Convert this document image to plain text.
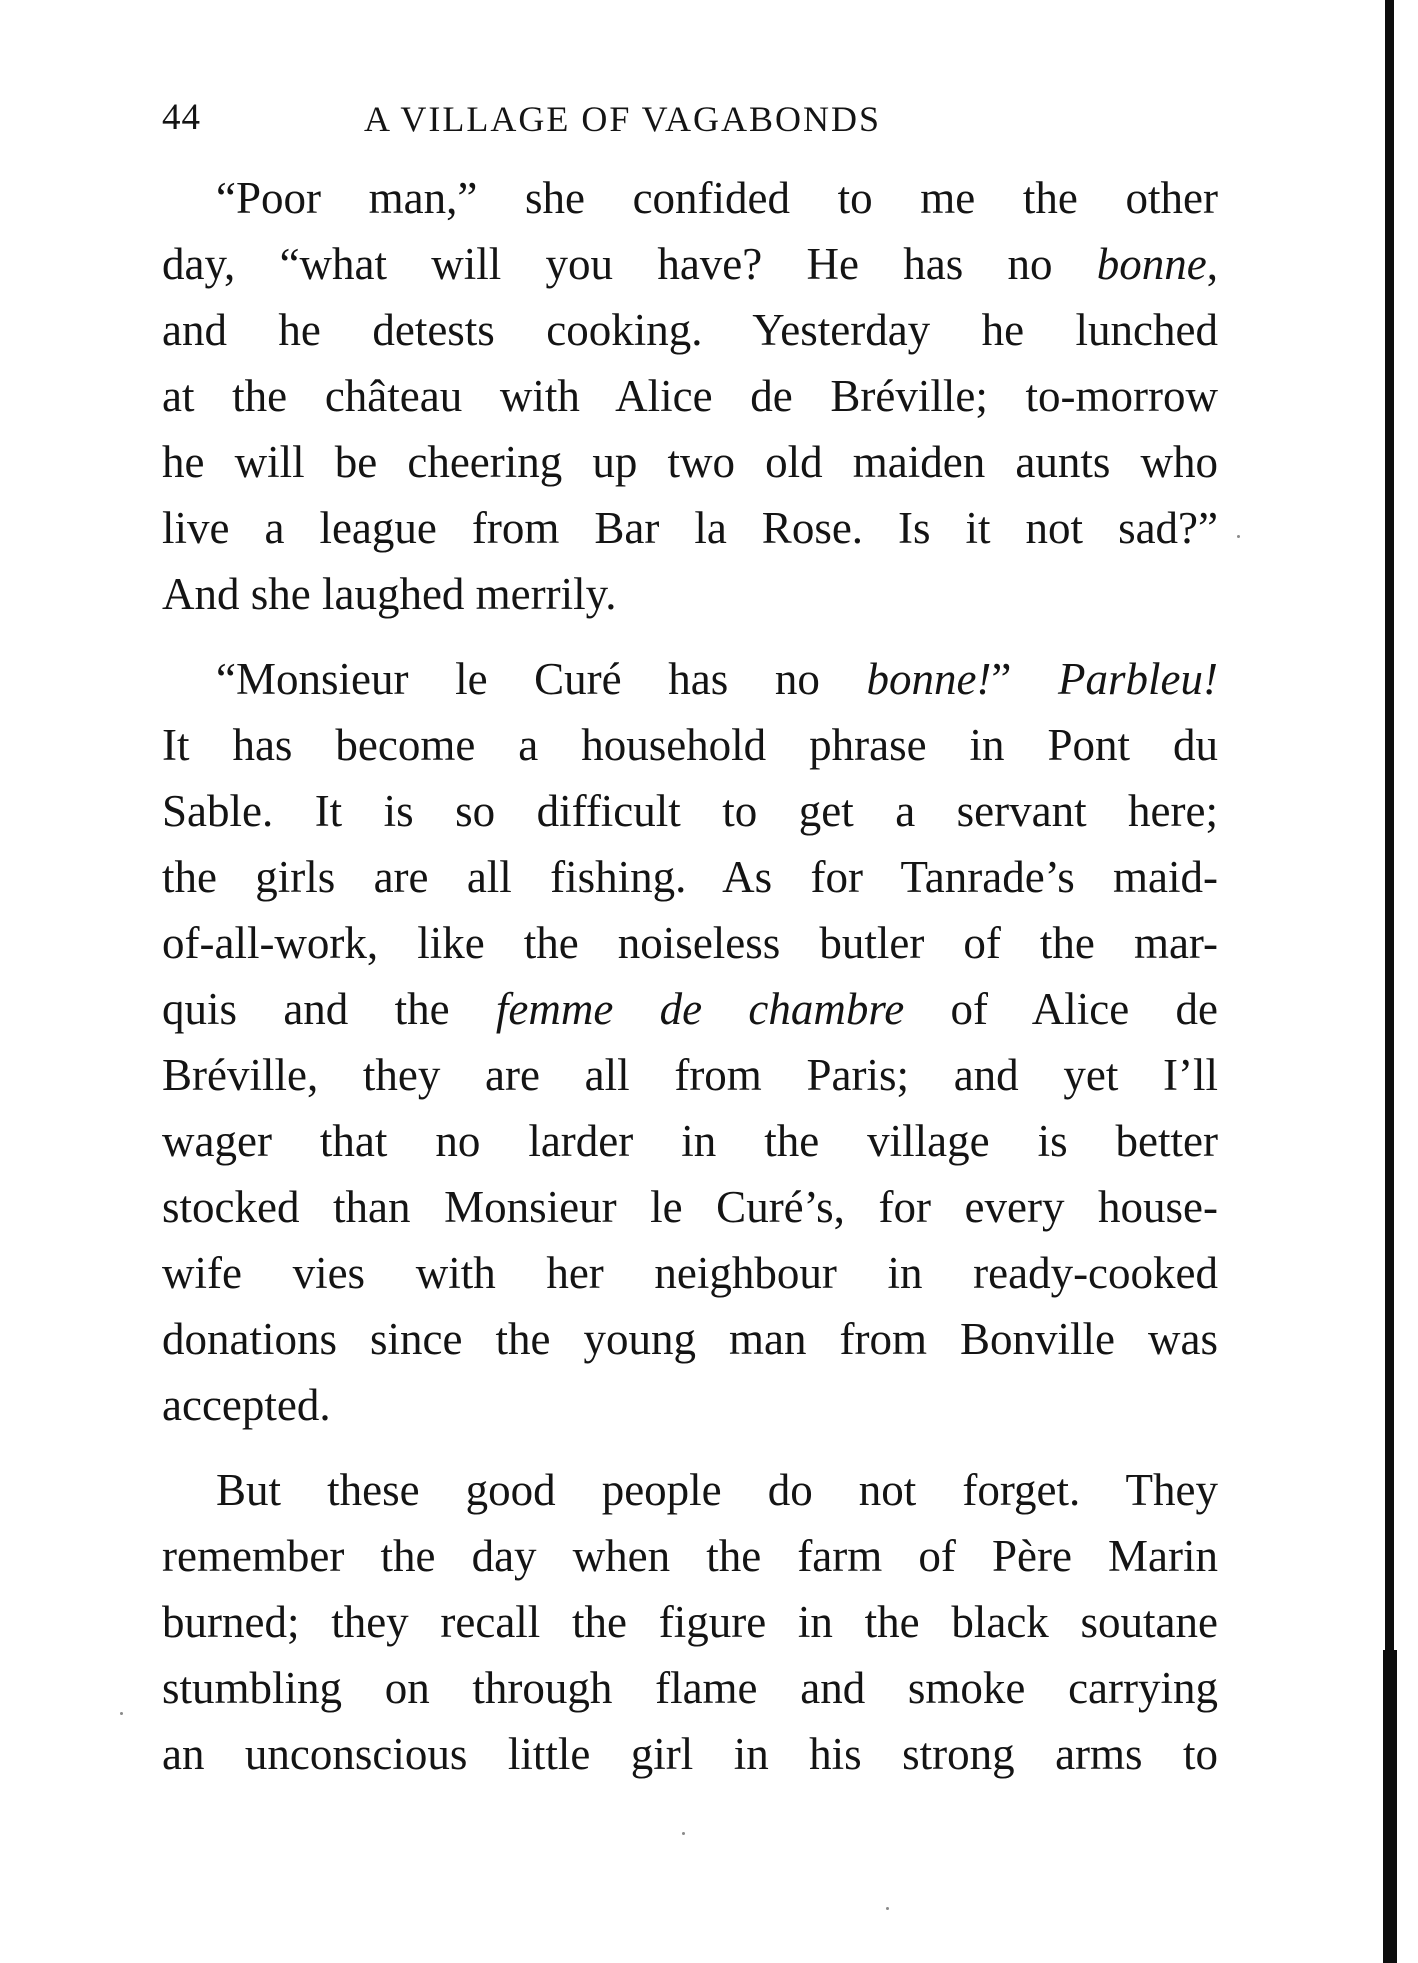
44	A VILLAGE OF VAGABONDS

“Poor man,” she confided to me the other
day, “what will you have? He has no bonne,
and he detests cooking. Yesterday he lunched
at the château with Alice de Bréville; to-morrow
he will be cheering up two old maiden aunts who
live a league from Bar la Rose. Is it not sad?”
And she laughed merrily.

“Monsieur le Curé has no bonne!” Parbleu!
It has become a household phrase in Pont du
Sable. It is so difficult to get a servant here;
the girls are all fishing. As for Tanrade’s maid-
of-all-work, like the noiseless butler of the mar-
quis and the femme de chambre of Alice de
Bréville, they are all from Paris; and yet I’ll
wager that no larder in the village is better
stocked than Monsieur le Curé’s, for every house-
wife vies with her neighbour in ready-cooked
donations since the young man from Bonville was
accepted.

But these good people do not forget. They
remember the day when the farm of Père Marin
burned; they recall the figure in the black soutane
stumbling on through flame and smoke carrying
an unconscious little girl in his strong arms to
